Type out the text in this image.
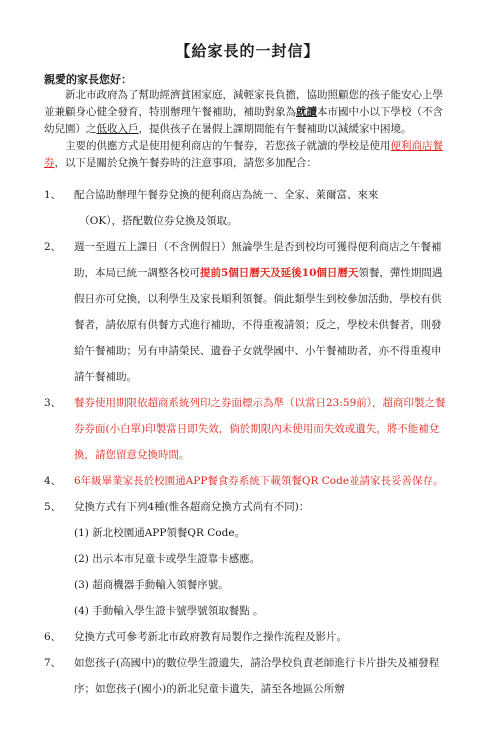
【給家長的一封信】
親愛的家長您好：

新北市政府為了幫助經濟貧困家庭，減輕家長負擔，協助照顧您的孩子能安心上學並兼顧身心健全發育，特別辦理午餐補助，補助對象為就讀本市國中小以下學校（不含幼兒園）之低收入戶，提供孩子在暑假上課期間能有午餐補助以減緩家中困境。

主要的供應方式是使用便利商店的午餐券，若您孩子就讀的學校是使用便利商店餐券，以下是關於兌換午餐券時的注意事項，請您多加配合：

1、	配合協助辦理午餐券兌換的便利商店為統一、全家、萊爾富、來來
（OK），搭配數位券兌換及領取。
2、	週一至週五上課日（不含例假日）無論學生是否到校均可獲得便利商店之午餐補助，本局已統一調整各校可提前5個日曆天及延後10個日曆天領餐，彈性期間遇假日亦可兌換，以利學生及家長順利領餐。倘此類學生到校參加活動，學校有供餐者，請依原有供餐方式進行補助，不得重複請領；反之，學校未供餐者，則發給午餐補助；另有申請榮民、遺眷子女就學國中、小午餐補助者，亦不得重複申請午餐補助。
3、	餐券使用期限依超商系統列印之券面標示為準（以當日23:59前），超商印製之餐券券面(小白單)印製當日即失效，倘於期限內未使用而失效或遺失，將不能補兌換，請您留意兌換時間。
4、	6年級畢業家長於校園通APP餐食券系統下載領餐QR Code並請家長妥善保存。
5、	兌換方式有下列4種(惟各超商兌換方式尚有不同)：
(1) 新北校園通APP領餐QR Code。
(2) 出示本市兒童卡或學生證靠卡感應。
(3) 超商機器手動輸入領餐序號。
(4) 手動輸入學生證卡號學號領取餐點 。
6、	兌換方式可參考新北市政府教育局製作之操作流程及影片。
7、	如您孩子(高國中)的數位學生證遺失，請洽學校負責老師進行卡片掛失及補發程序；如您孩子(國小)的新北兒童卡遺失，請至各地區公所辦
